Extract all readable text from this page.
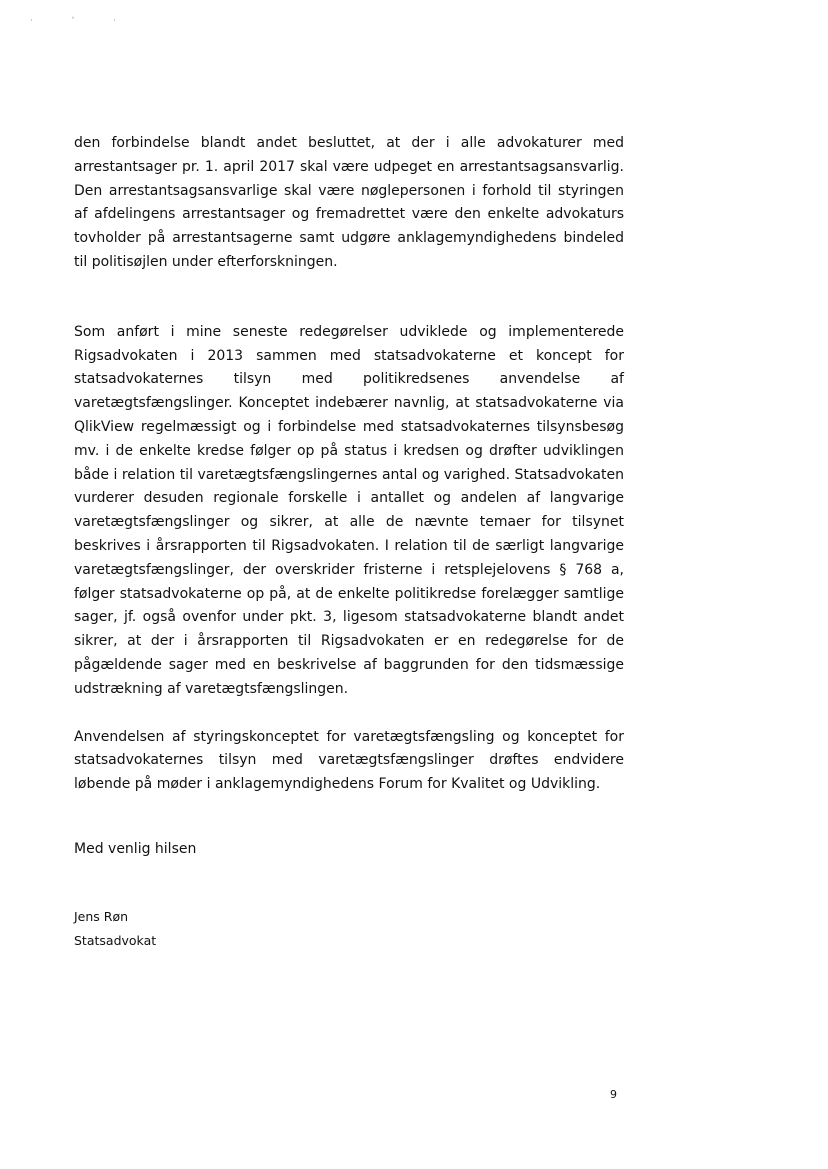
· ' ·

den forbindelse blandt andet besluttet, at der i alle advokaturer med arrestantsager pr. 1. april 2017 skal være udpeget en arrestantsagsansvarlig. Den arrestantsagsansvarlige skal være nøglepersonen i forhold til styringen af afdelingens arrestantsager og fremadrettet være den enkelte advokaturs tovholder på arrestantsagerne samt udgøre anklagemyndighedens bindeled til politisøjlen under efterforskningen.

Som anført i mine seneste redegørelser udviklede og implementerede Rigsadvokaten i 2013 sammen med statsadvokaterne et koncept for statsadvokaternes tilsyn med politikredsenes anvendelse af varetægtsfængslinger. Konceptet indebærer navnlig, at statsadvokaterne via QlikView regelmæssigt og i forbindelse med statsadvokaternes tilsynsbesøg mv. i de enkelte kredse følger op på status i kredsen og drøfter udviklingen både i relation til varetægtsfængslingernes antal og varighed. Statsadvokaten vurderer desuden regionale forskelle i antallet og andelen af langvarige varetægtsfængslinger og sikrer, at alle de nævnte temaer for tilsynet beskrives i årsrapporten til Rigsadvokaten. I relation til de særligt langvarige varetægtsfængslinger, der overskrider fristerne i retsplejelovens § 768 a, følger statsadvokaterne op på, at de enkelte politikredse forelægger samtlige sager, jf. også ovenfor under pkt. 3, ligesom statsadvokaterne blandt andet sikrer, at der i årsrapporten til Rigsadvokaten er en redegørelse for de pågældende sager med en beskrivelse af baggrunden for den tidsmæssige udstrækning af varetægtsfængslingen.

Anvendelsen af styringskonceptet for varetægtsfængsling og konceptet for statsadvokaternes tilsyn med varetægtsfængslinger drøftes endvidere løbende på møder i anklagemyndighedens Forum for Kvalitet og Udvikling.

Med venlig hilsen

Jens Røn

Statsadvokat

9
